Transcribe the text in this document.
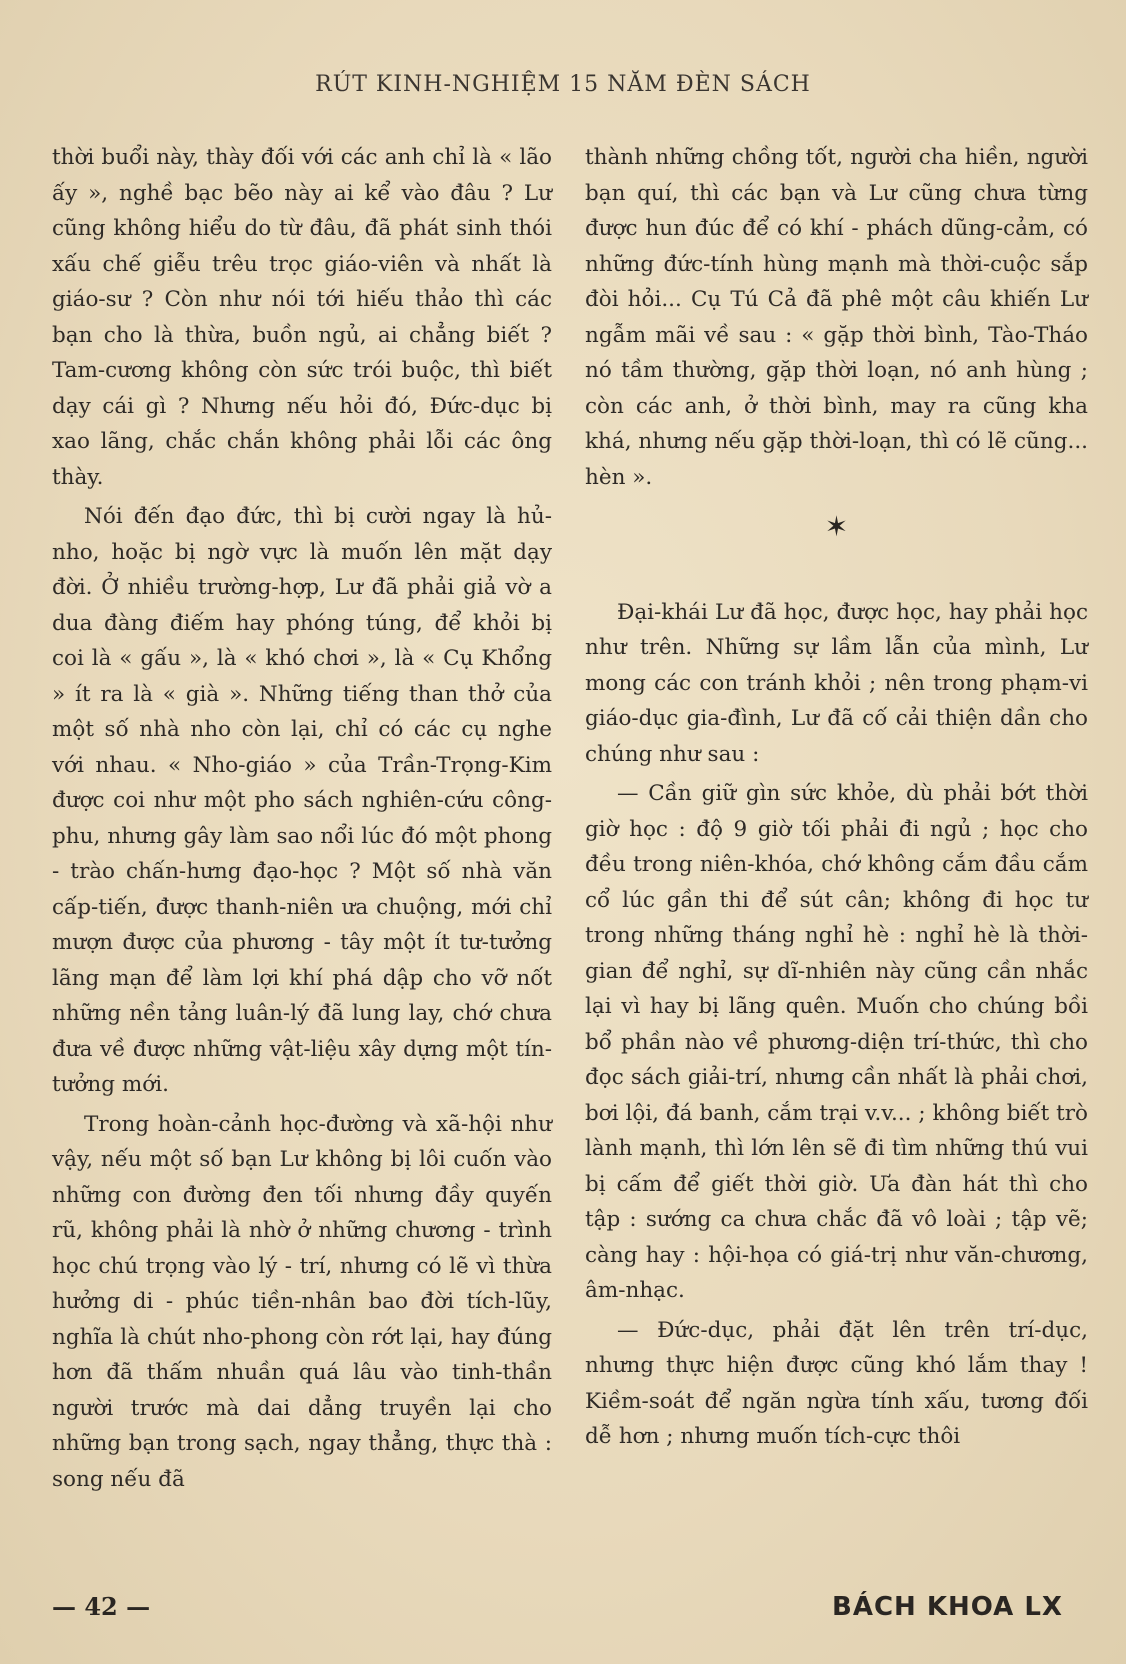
RÚT KINH-NGHIỆM 15 NĂM ĐÈN SÁCH

thời buổi này, thày đối với các anh chỉ là « lão ấy », nghề bạc bẽo này ai kể vào đâu ? Lư cũng không hiểu do từ đâu, đã phát sinh thói xấu chế giễu trêu trọc giáo-viên và nhất là giáo-sư ? Còn như nói tới hiếu thảo thì các bạn cho là thừa, buồn ngủ, ai chẳng biết ? Tam-cương không còn sức trói buộc, thì biết dạy cái gì ? Nhưng nếu hỏi đó, Đức-dục bị xao lãng, chắc chắn không phải lỗi các ông thày.

Nói đến đạo đức, thì bị cười ngay là hủ-nho, hoặc bị ngờ vực là muốn lên mặt dạy đời. Ở nhiều trường-hợp, Lư đã phải giả vờ a dua đàng điếm hay phóng túng, để khỏi bị coi là « gấu », là « khó chơi », là « Cụ Khổng » ít ra là « già ». Những tiếng than thở của một số nhà nho còn lại, chỉ có các cụ nghe với nhau. « Nho-giáo » của Trần-Trọng-Kim được coi như một pho sách nghiên-cứu công-phu, nhưng gây làm sao nổi lúc đó một phong - trào chấn-hưng đạo-học ? Một số nhà văn cấp-tiến, được thanh-niên ưa chuộng, mới chỉ mượn được của phương - tây một ít tư-tưởng lãng mạn để làm lợi khí phá dập cho vỡ nốt những nền tảng luân-lý đã lung lay, chớ chưa đưa về được những vật-liệu xây dựng một tín-tưởng mới.

Trong hoàn-cảnh học-đường và xã-hội như vậy, nếu một số bạn Lư không bị lôi cuốn vào những con đường đen tối nhưng đầy quyến rũ, không phải là nhờ ở những chương - trình học chú trọng vào lý - trí, nhưng có lẽ vì thừa hưởng di - phúc tiền-nhân bao đời tích-lũy, nghĩa là chút nho-phong còn rớt lại, hay đúng hơn đã thấm nhuần quá lâu vào tinh-thần người trước mà dai dẳng truyền lại cho những bạn trong sạch, ngay thẳng, thực thà : song nếu đã

thành những chồng tốt, người cha hiền, người bạn quí, thì các bạn và Lư cũng chưa từng được hun đúc để có khí - phách dũng-cảm, có những đức-tính hùng mạnh mà thời-cuộc sắp đòi hỏi... Cụ Tú Cả đã phê một câu khiến Lư ngẫm mãi về sau : « gặp thời bình, Tào-Tháo nó tầm thường, gặp thời loạn, nó anh hùng ; còn các anh, ở thời bình, may ra cũng kha khá, nhưng nếu gặp thời-loạn, thì có lẽ cũng... hèn ».

✶

Đại-khái Lư đã học, được học, hay phải học như trên. Những sự lầm lẫn của mình, Lư mong các con tránh khỏi ; nên trong phạm-vi giáo-dục gia-đình, Lư đã cố cải thiện dần cho chúng như sau :

— Cần giữ gìn sức khỏe, dù phải bớt thời giờ học : độ 9 giờ tối phải đi ngủ ; học cho đều trong niên-khóa, chớ không cắm đầu cắm cổ lúc gần thi để sút cân; không đi học tư trong những tháng nghỉ hè : nghỉ hè là thời-gian để nghỉ, sự dĩ-nhiên này cũng cần nhắc lại vì hay bị lãng quên. Muốn cho chúng bồi bổ phần nào về phương-diện trí-thức, thì cho đọc sách giải-trí, nhưng cần nhất là phải chơi, bơi lội, đá banh, cắm trại v.v... ; không biết trò lành mạnh, thì lớn lên sẽ đi tìm những thú vui bị cấm để giết thời giờ. Ưa đàn hát thì cho tập : sướng ca chưa chắc đã vô loài ; tập vẽ; càng hay : hội-họa có giá-trị như văn-chương, âm-nhạc.

— Đức-dục, phải đặt lên trên trí-dục, nhưng thực hiện được cũng khó lắm thay ! Kiềm-soát để ngăn ngừa tính xấu, tương đối dễ hơn ; nhưng muốn tích-cực thôi

— 42 —	BÁCH KHOA LX
